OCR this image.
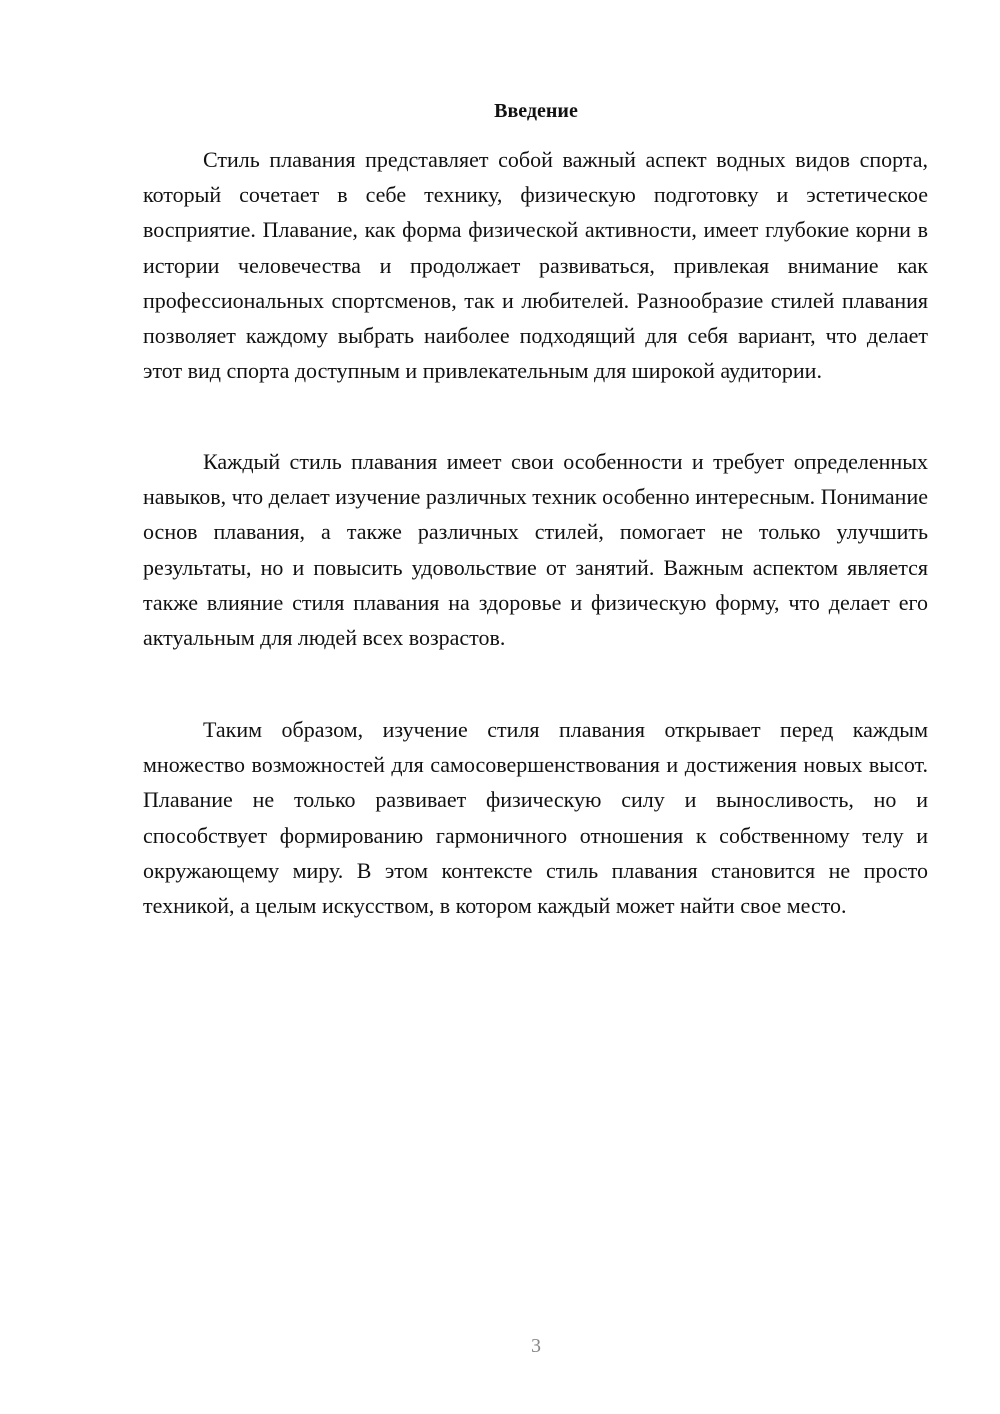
Введение

Стиль плавания представляет собой важный аспект водных видов спорта, который сочетает в себе технику, физическую подготовку и эстетическое восприятие. Плавание, как форма физической активности, имеет глубокие корни в истории человечества и продолжает развиваться, привлекая внимание как профессиональных спортсменов, так и любителей. Разнообразие стилей плавания позволяет каждому выбрать наиболее подходящий для себя вариант, что делает этот вид спорта доступным и привлекательным для широкой аудитории.

Каждый стиль плавания имеет свои особенности и требует определенных навыков, что делает изучение различных техник особенно интересным. Понимание основ плавания, а также различных стилей, помогает не только улучшить результаты, но и повысить удовольствие от занятий. Важным аспектом является также влияние стиля плавания на здоровье и физическую форму, что делает его актуальным для людей всех возрастов.

Таким образом, изучение стиля плавания открывает перед каждым множество возможностей для самосовершенствования и достижения новых высот. Плавание не только развивает физическую силу и выносливость, но и способствует формированию гармоничного отношения к собственному телу и окружающему миру. В этом контексте стиль плавания становится не просто техникой, а целым искусством, в котором каждый может найти свое место.

3
